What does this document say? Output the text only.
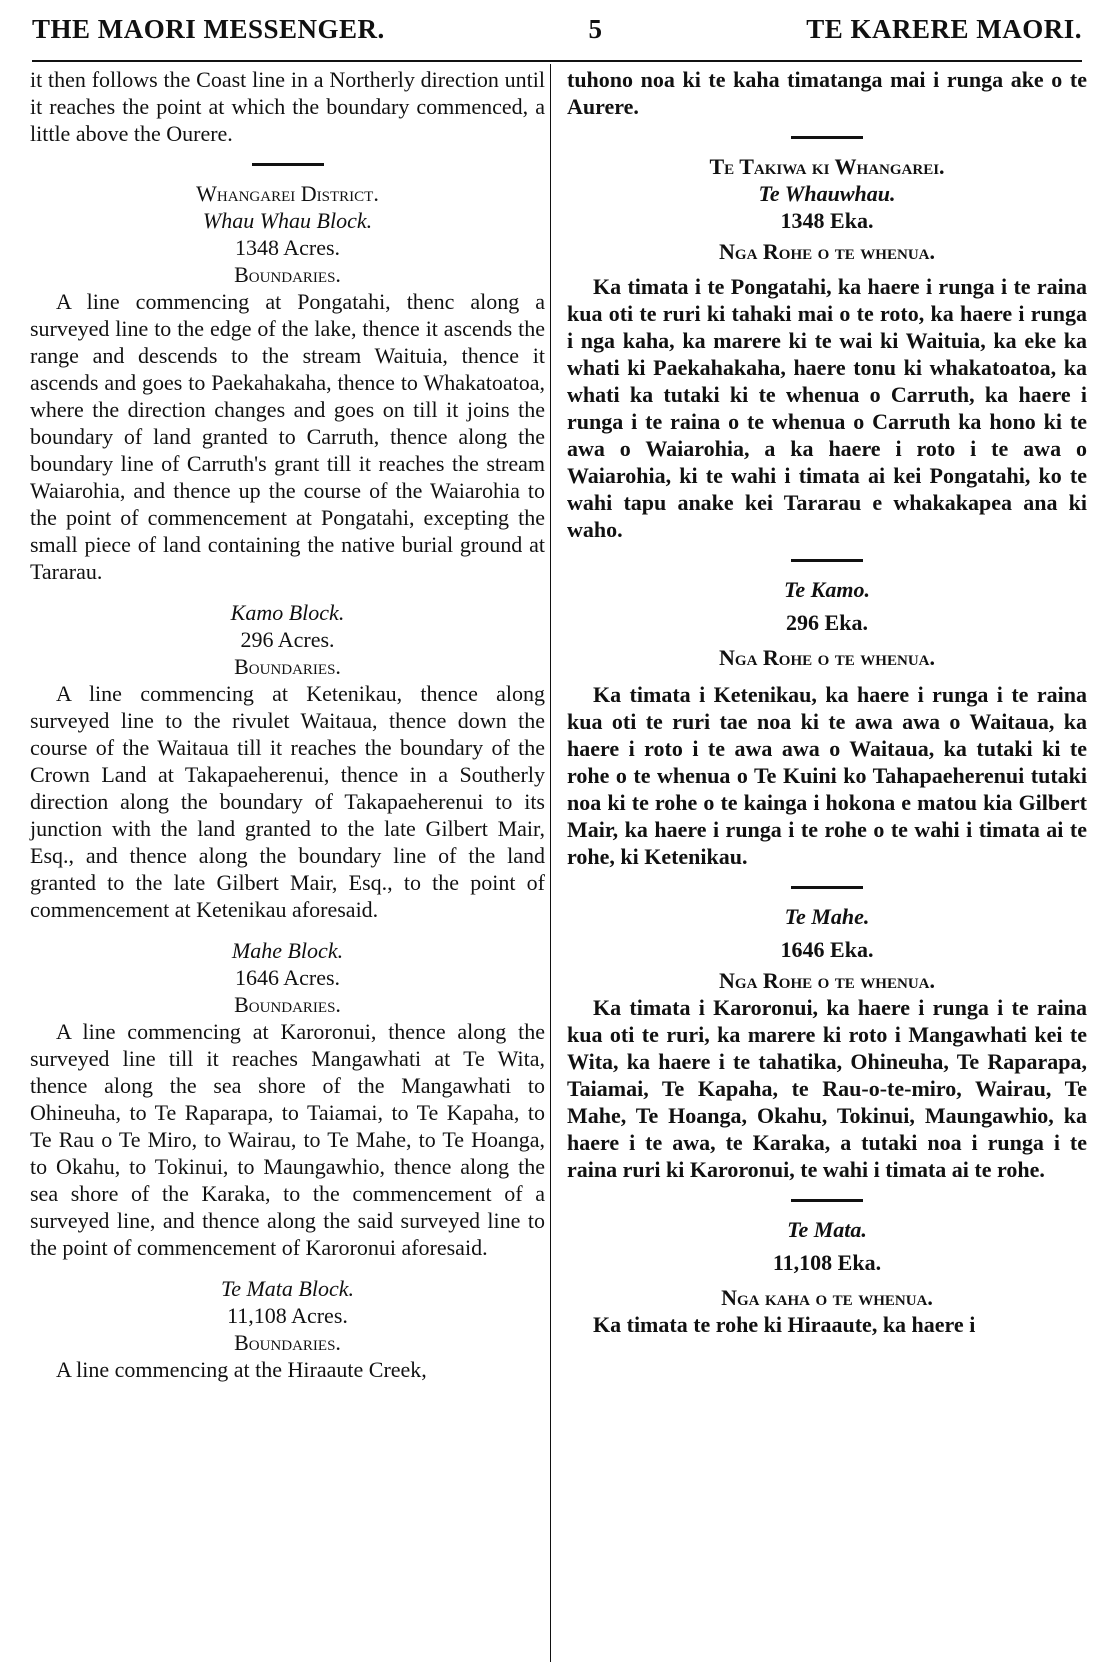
THE MAORI MESSENGER.	5	TE KARERE MAORI.

it then follows the Coast line in a Northerly direction until it reaches the point at which the boundary commenced, a little above the Ourere.

Whangarei District.

Whau Whau Block.

1348 Acres.

Boundaries.

A line commencing at Pongatahi, thenc along a surveyed line to the edge of the lake, thence it ascends the range and descends to the stream Waituia, thence it ascends and goes to Paekahakaha, thence to Whakatoatoa, where the direction changes and goes on till it joins the boundary of land granted to Carruth, thence along the boundary line of Carruth's grant till it reaches the stream Waiarohia, and thence up the course of the Waiarohia to the point of commencement at Pongatahi, excepting the small piece of land containing the native burial ground at Tararau.

Kamo Block.

296 Acres.

Boundaries.

A line commencing at Ketenikau, thence along surveyed line to the rivulet Waitaua, thence down the course of the Waitaua till it reaches the boundary of the Crown Land at Takapaeherenui, thence in a Southerly direction along the boundary of Takapaeherenui to its junction with the land granted to the late Gilbert Mair, Esq., and thence along the boundary line of the land granted to the late Gilbert Mair, Esq., to the point of commencement at Ketenikau aforesaid.

Mahe Block.

1646 Acres.

Boundaries.

A line commencing at Karoronui, thence along the surveyed line till it reaches Mangawhati at Te Wita, thence along the sea shore of the Mangawhati to Ohineuha, to Te Raparapa, to Taiamai, to Te Kapaha, to Te Rau o Te Miro, to Wairau, to Te Mahe, to Te Hoanga, to Okahu, to Tokinui, to Maungawhio, thence along the sea shore of the Karaka, to the commencement of a surveyed line, and thence along the said surveyed line to the point of commencement of Karoronui aforesaid.

Te Mata Block.

11,108 Acres.

Boundaries.

A line commencing at the Hiraaute Creek,

tuhono noa ki te kaha timatanga mai i runga ake o te Aurere.

Te Takiwa ki Whangarei.

Te Whauwhau.

1348 Eka.

Nga Rohe o te whenua.

Ka timata i te Pongatahi, ka haere i runga i te raina kua oti te ruri ki tahaki mai o te roto, ka haere i runga i nga kaha, ka marere ki te wai ki Waituia, ka eke ka whati ki Paekahakaha, haere tonu ki whakatoatoa, ka whati ka tutaki ki te whenua o Carruth, ka haere i runga i te raina o te whenua o Carruth ka hono ki te awa o Waiarohia, a ka haere i roto i te awa o Waiarohia, ki te wahi i timata ai kei Pongatahi, ko te wahi tapu anake kei Tararau e whakakapea ana ki waho.

Te Kamo.

296 Eka.

Nga Rohe o te whenua.

Ka timata i Ketenikau, ka haere i runga i te raina kua oti te ruri tae noa ki te awa awa o Waitaua, ka haere i roto i te awa awa o Waitaua, ka tutaki ki te rohe o te whenua o Te Kuini ko Tahapaeherenui tutaki noa ki te rohe o te kainga i hokona e matou kia Gilbert Mair, ka haere i runga i te rohe o te wahi i timata ai te rohe, ki Ketenikau.

Te Mahe.

1646 Eka.

Nga Rohe o te whenua.

Ka timata i Karoronui, ka haere i runga i te raina kua oti te ruri, ka marere ki roto i Mangawhati kei te Wita, ka haere i te tahatika, Ohineuha, Te Raparapa, Taiamai, Te Kapaha, te Rau-o-te-miro, Wairau, Te Mahe, Te Hoanga, Okahu, Tokinui, Maungawhio, ka haere i te awa, te Karaka, a tutaki noa i runga i te raina ruri ki Karoronui, te wahi i timata ai te rohe.

Te Mata.

11,108 Eka.

Nga kaha o te whenua.

Ka timata te rohe ki Hiraaute, ka haere i
